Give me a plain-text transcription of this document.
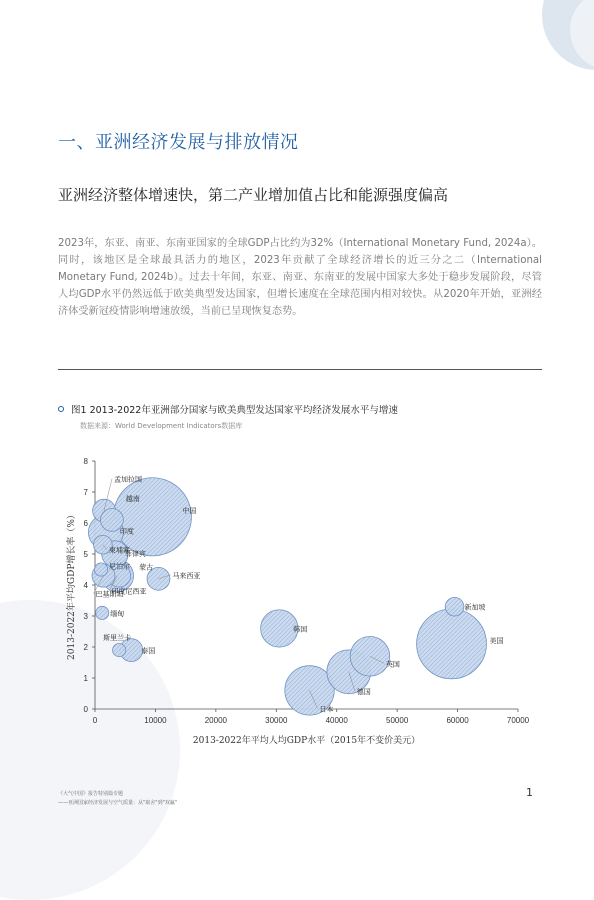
一、亚洲经济发展与排放情况
亚洲经济整体增速快，第二产业增加值占比和能源强度偏高
2023年，东亚、南亚、东南亚国家的全球GDP占比约为32%（International Monetary Fund, 2024a）。同时，该地区是全球最具活力的地区，2023年贡献了全球经济增长的近三分之二（International Monetary Fund, 2024b）。过去十年间，东亚、南亚、东南亚的发展中国家大多处于稳步发展阶段，尽管人均GDP水平仍然远低于欧美典型发达国家，但增长速度在全球范围内相对较快。从2020年开始，亚洲经济体受新冠疫情影响增速放缓，当前已呈现恢复态势。
图1 2013-2022年亚洲部分国家与欧美典型发达国家平均经济发展水平与增速
数据来源：World Development Indicators数据库
0	10000	20000	30000	40000	50000	60000	70000
0
1
2
3
4
5
6
7
8
2013-2022年平均人均GDP水平（2015年不变价美元）
2013-2022年平均GDP增长率（%）
孟加拉国
越南
中国
印度
柬埔寨
菲律宾
尼泊尔 蒙古
马来西亚
巴基斯坦
印度尼西亚
缅甸
斯里兰卡
泰国
韩国
新加坡
美国
英国
德国
日本
《大气中国》报告特别篇专题
——亚洲国家经济发展与空气质量：从"取舍"到"双赢"
1
